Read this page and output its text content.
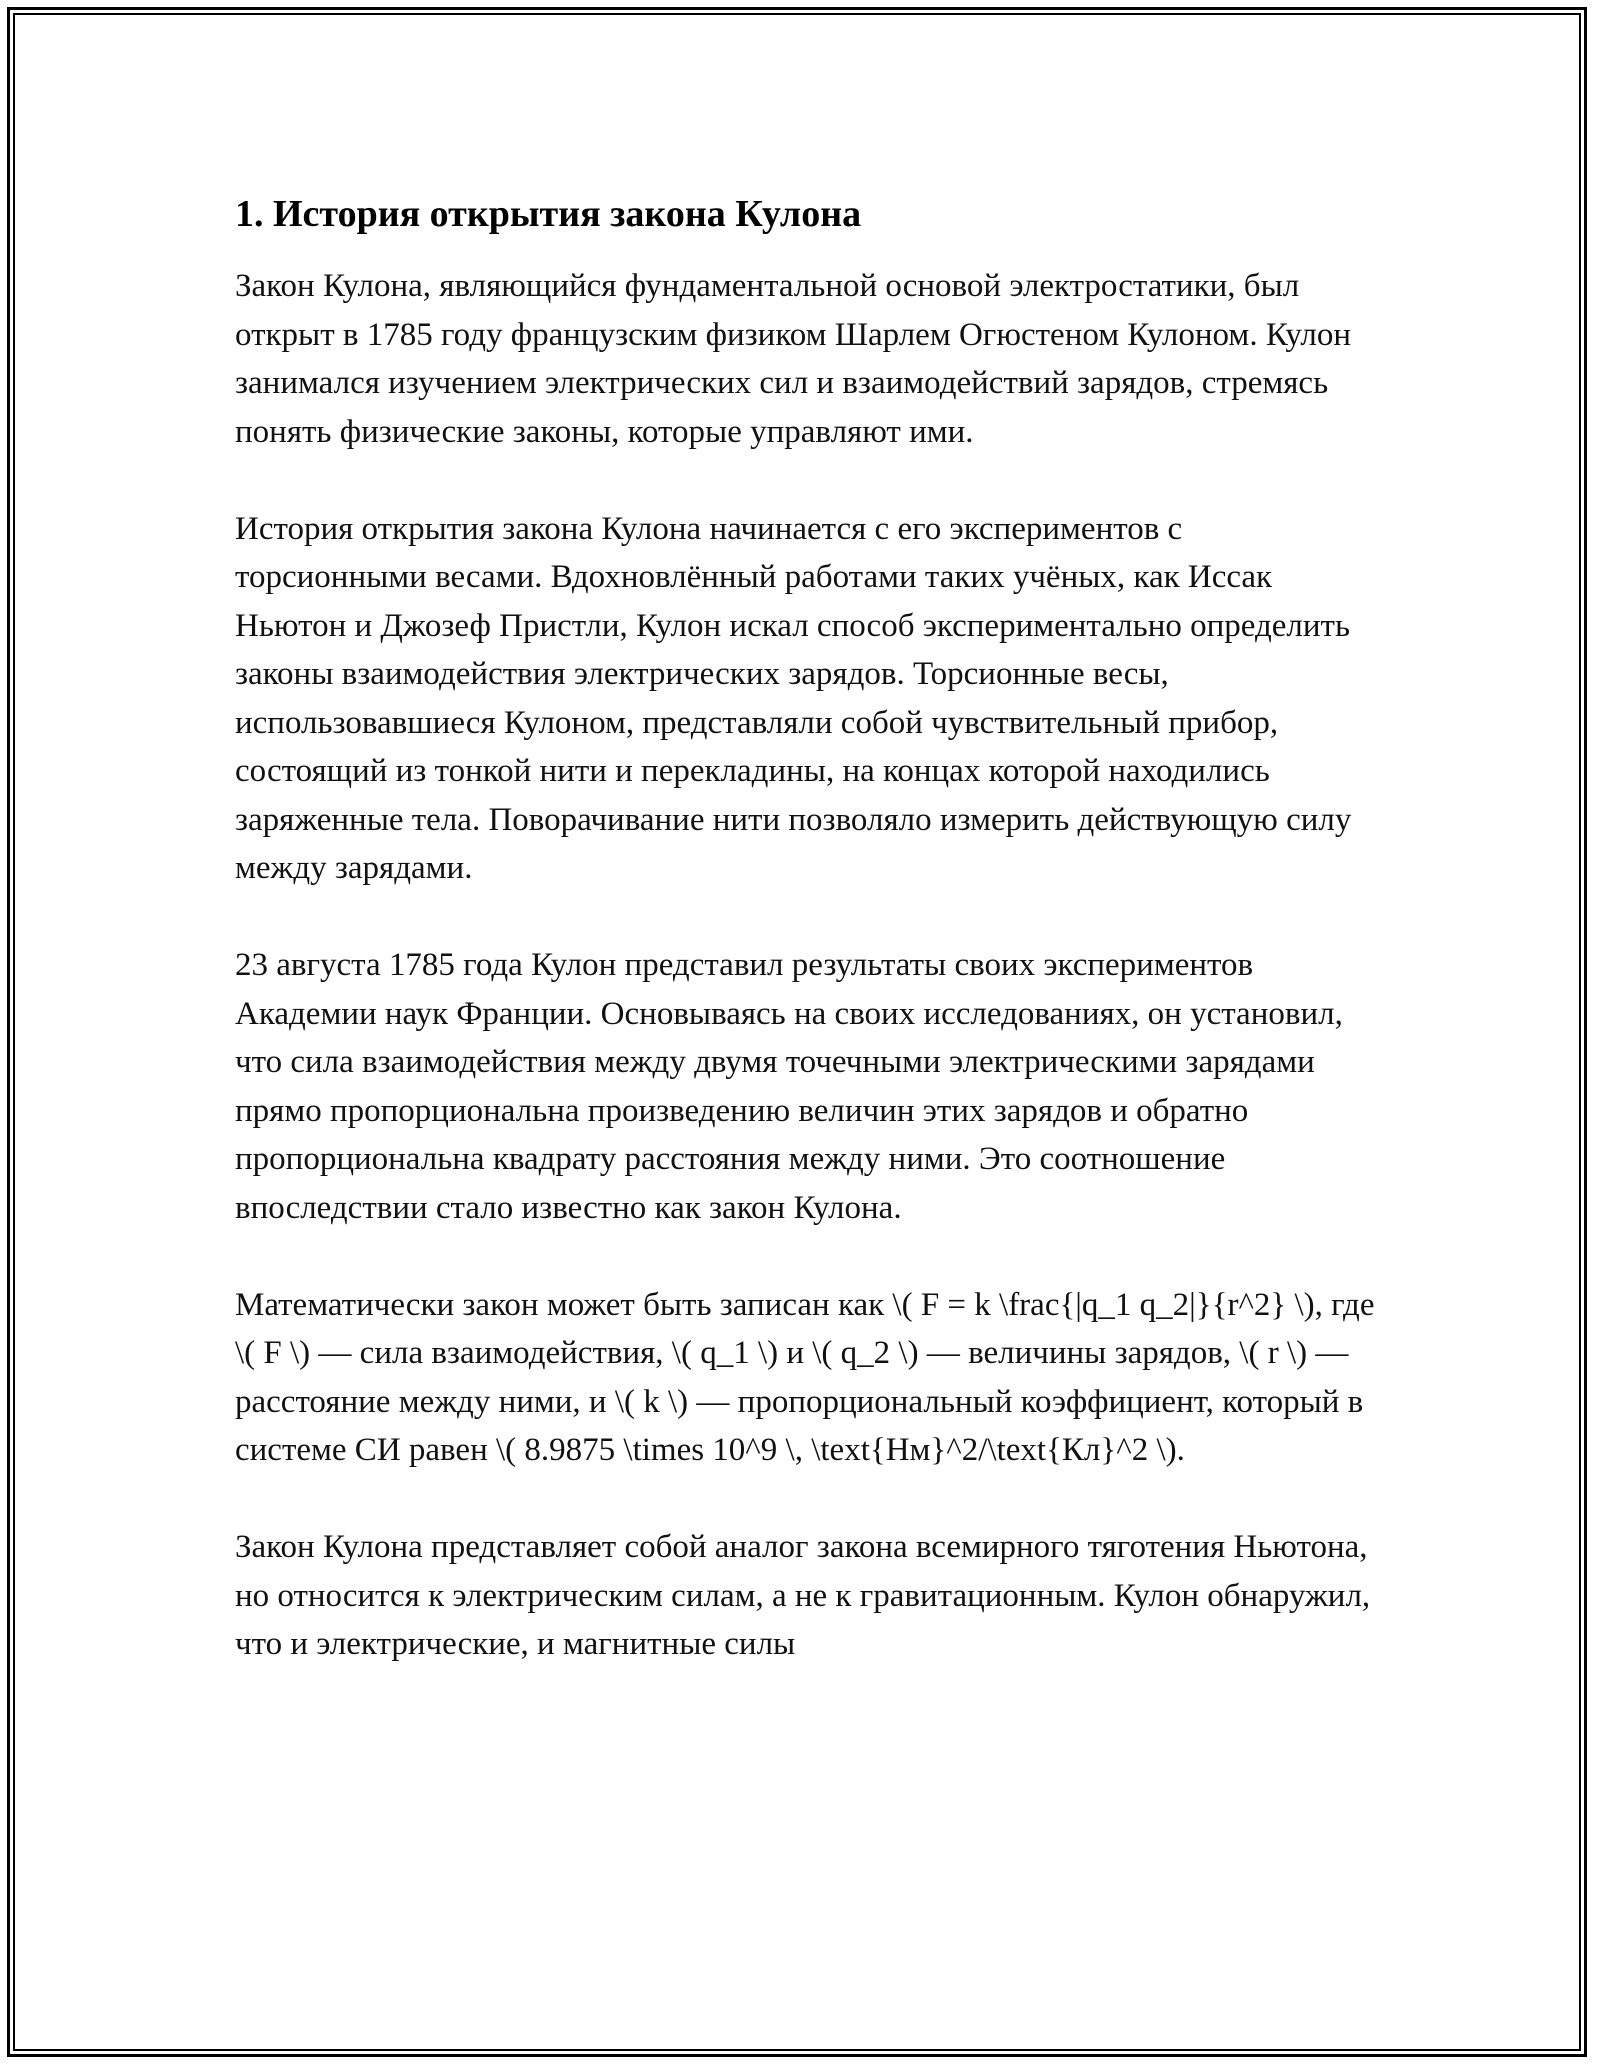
1. История открытия закона Кулона

Закон Кулона, являющийся фундаментальной основой электростатики, был открыт в 1785 году французским физиком Шарлем Огюстеном Кулоном. Кулон занимался изучением электрических сил и взаимодействий зарядов, стремясь понять физические законы, которые управляют ими.

История открытия закона Кулона начинается с его экспериментов с торсионными весами. Вдохновлённый работами таких учёных, как Иссак Ньютон и Джозеф Пристли, Кулон искал способ экспериментально определить законы взаимодействия электрических зарядов. Торсионные весы, использовавшиеся Кулоном, представляли собой чувствительный прибор, состоящий из тонкой нити и перекладины, на концах которой находились заряженные тела. Поворачивание нити позволяло измерить действующую силу между зарядами.

23 августа 1785 года Кулон представил результаты своих экспериментов Академии наук Франции. Основываясь на своих исследованиях, он установил, что сила взаимодействия между двумя точечными электрическими зарядами прямо пропорциональна произведению величин этих зарядов и обратно пропорциональна квадрату расстояния между ними. Это соотношение впоследствии стало известно как закон Кулона.

Математически закон может быть записан как \( F = k \frac{|q_1 q_2|}{r^2} \), где \( F \) — сила взаимодействия, \( q_1 \) и \( q_2 \) — величины зарядов, \( r \) — расстояние между ними, и \( k \) — пропорциональный коэффициент, который в системе СИ равен \( 8.9875 \times 10^9 \, \text{Нм}^2/\text{Кл}^2 \).

Закон Кулона представляет собой аналог закона всемирного тяготения Ньютона, но относится к электрическим силам, а не к гравитационным. Кулон обнаружил, что и электрические, и магнитные силы
